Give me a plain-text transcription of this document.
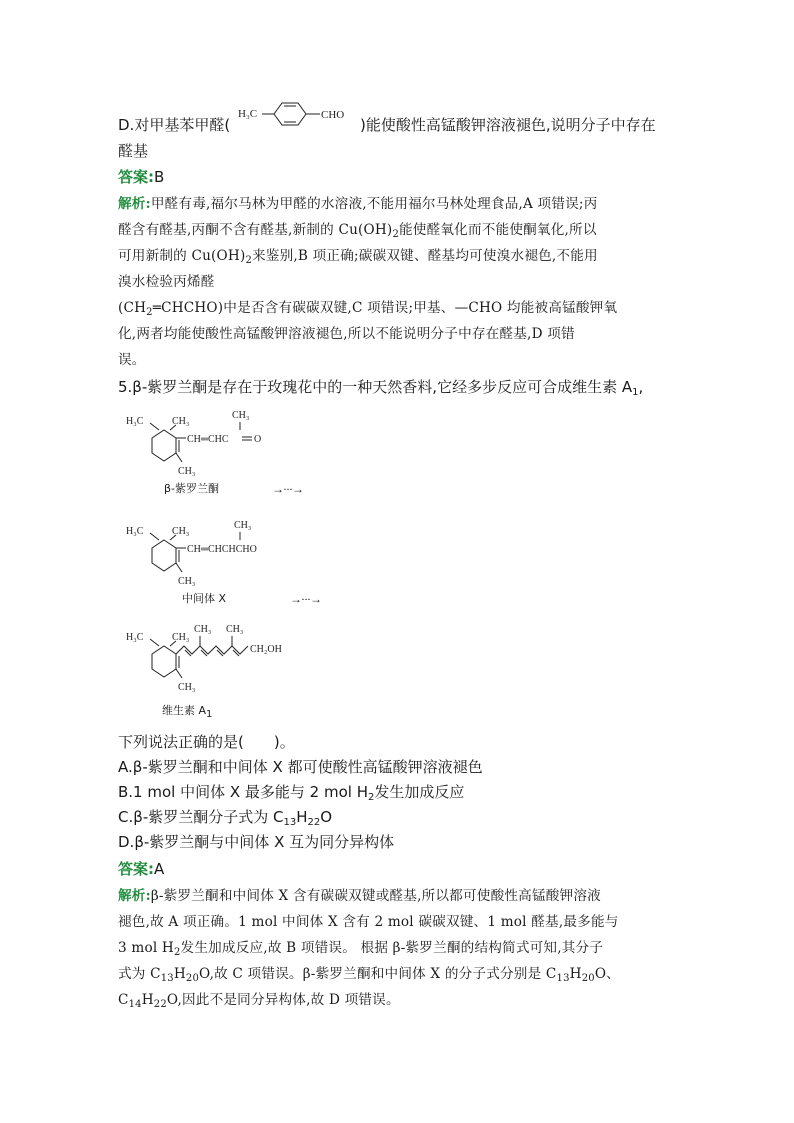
D.对甲基苯甲醛(
H₃C	CHO
)能使酸性高锰酸钾溶液褪色,说明分子中存在
醛基
答案:B
解析:甲醛有毒,福尔马林为甲醛的水溶液,不能用福尔马林处理食品,A 项错误;丙
醛含有醛基,丙酮不含有醛基,新制的 $Cu(OH)_2$能使醛氧化而不能使酮氧化,所以
可用新制的 $Cu(OH)_2$来鉴别,B 项正确;碳碳双键、醛基均可使溴水褪色,不能用
溴水检验丙烯醛
$(CH_2═CHCHO)$中是否含有碳碳双键,C 项错误;甲基、—CHO 均能被高锰酸钾氧
化,两者均能使酸性高锰酸钾溶液褪色,所以不能说明分子中存在醛基,D 项错
误。
5.β-紫罗兰酮是存在于玫瑰花中的一种天然香料,它经多步反应可合成维生素 $A_1$,
H₃C	CH₃
CH═CHC
CH₃
O
CH₃
β-紫罗兰酮	→···→
H₃C	CH₃
CH═CHCHCHO
CH₃
CH₃
中间体 X	→···→
H₃C	CH₃
CH₃ CH₃
CH₂OH
CH₃
维生素 $A_1$
下列说法正确的是(　　)。
A.β-紫罗兰酮和中间体 X 都可使酸性高锰酸钾溶液褪色
B.1 mol 中间体 X 最多能与 2 mol $H_2$发生加成反应
C.β-紫罗兰酮分子式为 $C_{13}H_{22}O$
D.β-紫罗兰酮与中间体 X 互为同分异构体
答案:A
解析:β-紫罗兰酮和中间体 X 含有碳碳双键或醛基,所以都可使酸性高锰酸钾溶液
褪色,故 A 项正确。1 mol 中间体 X 含有 2 mol 碳碳双键、1 mol 醛基,最多能与
3 mol $H_2$发生加成反应,故 B 项错误。 根据 β-紫罗兰酮的结构简式可知,其分子
式为 $C_{13}H_{20}O$,故 C 项错误。β-紫罗兰酮和中间体 X 的分子式分别是 $C_{13}H_{20}O$、
$C_{14}H_{22}O$,因此不是同分异构体,故 D 项错误。
